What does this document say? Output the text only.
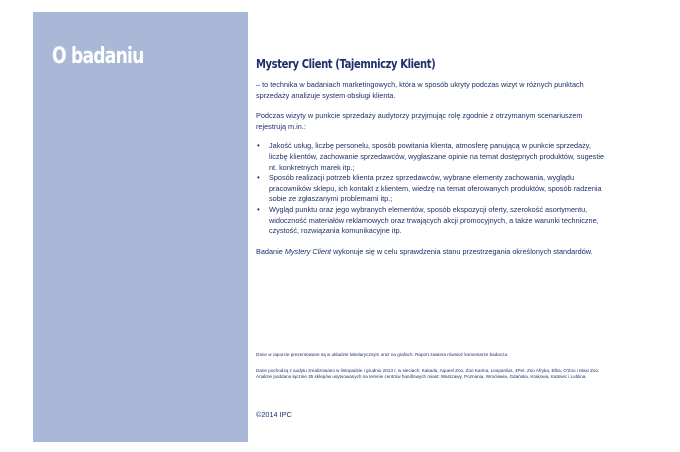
O badaniu	Mystery Client (Tajemniczy Klient)

– to technika w badaniach marketingowych, która w sposób ukryty podczas wizyt w różnych punktach sprzedaży analizuje system obsługi klienta.

Podczas wizyty w punkcie sprzedaży audytorzy przyjmując rolę zgodnie z otrzymanym scenariuszem rejestrują m.in.:

• Jakość usług, liczbę personelu, sposób powitania klienta, atmosferę panującą w punkcie sprzedaży, liczbę klientów, zachowanie sprzedawców, wygłaszane opinie na temat dostępnych produktów, sugestie nt. konkretnych marek itp.;
• Sposób realizacji potrzeb klienta przez sprzedawców, wybrane elementy zachowania, wyglądu pracowników sklepu, ich kontakt z klientem, wiedzę na temat oferowanych produktów, sposób radzenia sobie ze zgłaszanymi problemami itp.;
• Wygląd punktu oraz jego wybranych elementów, sposób ekspozycji oferty, szerokość asortymentu, widoczność materiałów reklamowych oraz trwających akcji promocyjnych, a także warunki techniczne, czystość, rozwiązania komunikacyjne itp.

Badanie Mystery Client wykonuje się w celu sprawdzenia stanu przestrzegania określonych standardów.

Dane w raporcie prezentowane są w układzie tabelarycznym oraz na grafach. Raport zawiera również komentarze badacza.
Dane pochodzą z audytu zrealizowano w listopadzie i grudniu 2013 r. w sieciach: Kakadu, Aqueel Zoo, Zoo Karina, Leopardus, 4Pet, Zoo Afryka, Elba, O'Zoo i Maxi Zoo. Analizie poddano łącznie 35 sklepów usytuowanych na terenie centrów handlowych miast: Warszawy, Poznania, Wrocławia, Gdańska, Krakowa, Katowic i Lublina.
©2014 IPC
